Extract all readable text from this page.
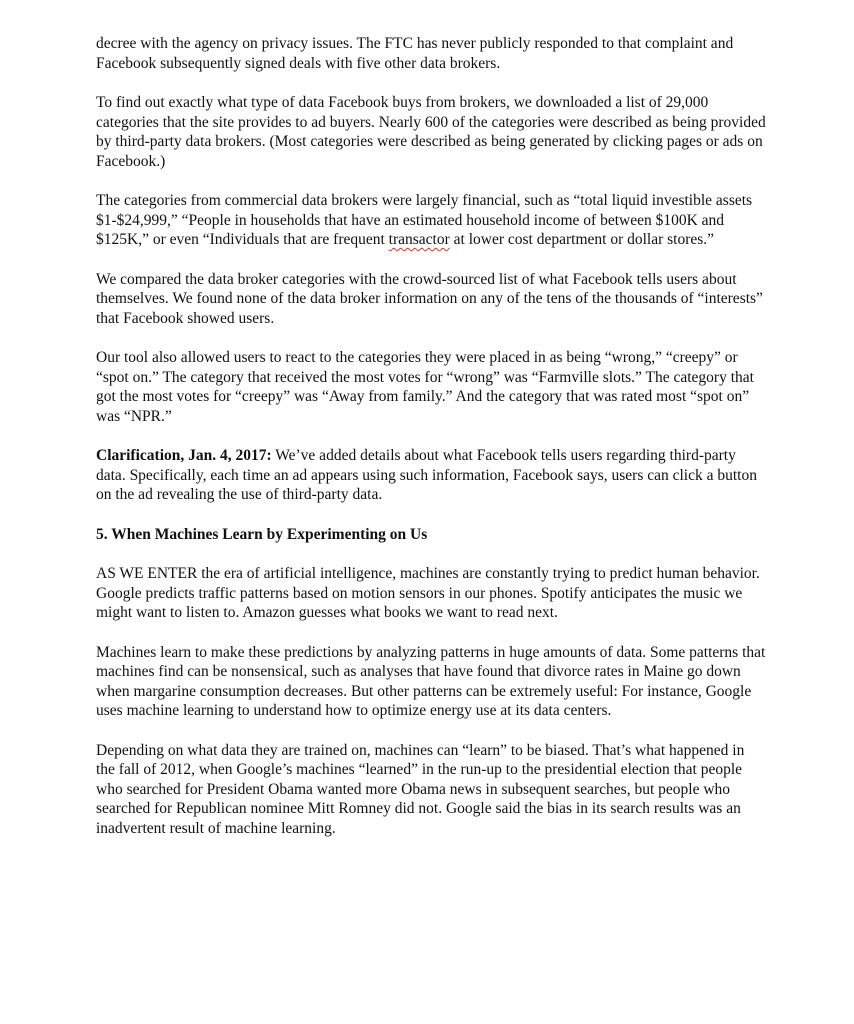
decree with the agency on privacy issues. The FTC has never publicly responded to that complaint and Facebook subsequently signed deals with five other data brokers.

To find out exactly what type of data Facebook buys from brokers, we downloaded a list of 29,000 categories that the site provides to ad buyers. Nearly 600 of the categories were described as being provided by third-party data brokers. (Most categories were described as being generated by clicking pages or ads on Facebook.)

The categories from commercial data brokers were largely financial, such as “total liquid investible assets $1-$24,999,” “People in households that have an estimated household income of between $100K and $125K,” or even “Individuals that are frequent transactor at lower cost department or dollar stores.”

We compared the data broker categories with the crowd-sourced list of what Facebook tells users about themselves. We found none of the data broker information on any of the tens of the thousands of “interests” that Facebook showed users.

Our tool also allowed users to react to the categories they were placed in as being “wrong,” “creepy” or “spot on.” The category that received the most votes for “wrong” was “Farmville slots.” The category that got the most votes for “creepy” was “Away from family.” And the category that was rated most “spot on” was “NPR.”

Clarification, Jan. 4, 2017: We’ve added details about what Facebook tells users regarding third-party data. Specifically, each time an ad appears using such information, Facebook says, users can click a button on the ad revealing the use of third-party data.

5. When Machines Learn by Experimenting on Us

AS WE ENTER the era of artificial intelligence, machines are constantly trying to predict human behavior. Google predicts traffic patterns based on motion sensors in our phones. Spotify anticipates the music we might want to listen to. Amazon guesses what books we want to read next.

Machines learn to make these predictions by analyzing patterns in huge amounts of data. Some patterns that machines find can be nonsensical, such as analyses that have found that divorce rates in Maine go down when margarine consumption decreases. But other patterns can be extremely useful: For instance, Google uses machine learning to understand how to optimize energy use at its data centers.

Depending on what data they are trained on, machines can “learn” to be biased. That’s what happened in the fall of 2012, when Google’s machines “learned” in the run-up to the presidential election that people who searched for President Obama wanted more Obama news in subsequent searches, but people who searched for Republican nominee Mitt Romney did not. Google said the bias in its search results was an inadvertent result of machine learning.
